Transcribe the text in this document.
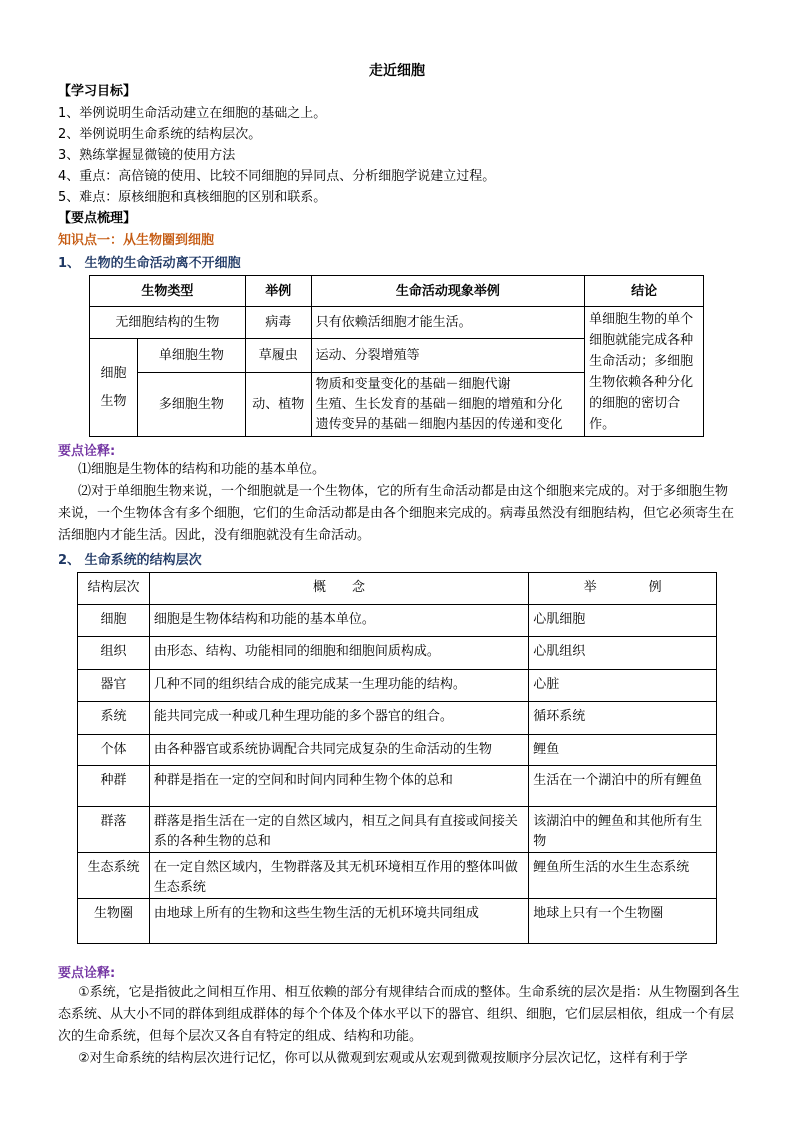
走近细胞
【学习目标】
1、举例说明生命活动建立在细胞的基础之上。
2、举例说明生命系统的结构层次。
3、熟练掌握显微镜的使用方法
4、重点：高倍镜的使用、比较不同细胞的异同点、分析细胞学说建立过程。
5、难点：原核细胞和真核细胞的区别和联系。
【要点梳理】
知识点一：从生物圈到细胞
1、 生物的生命活动离不开细胞
生物类型		举例	生命活动现象举例	结论
无细胞结构的生物		病毒	只有依赖活细胞才能生活。	单细胞生物的单个细胞就能完成各种生命活动；多细胞生物依赖各种分化的细胞的密切合作。
细胞生物	单细胞生物	草履虫	运动、分裂增殖等	
	多细胞生物	动、植物	物质和变量变化的基础－细胞代谢
生殖、生长发育的基础－细胞的增殖和分化
遗传变异的基础－细胞内基因的传递和变化	
要点诠释:
⑴细胞是生物体的结构和功能的基本单位。
⑵对于单细胞生物来说，一个细胞就是一个生物体，它的所有生命活动都是由这个细胞来完成的。对于多细胞生物来说，一个生物体含有多个细胞，它们的生命活动都是由各个细胞来完成的。病毒虽然没有细胞结构，但它必须寄生在活细胞内才能生活。因此，没有细胞就没有生命活动。
2、 生命系统的结构层次
结构层次	概　　念	举　　　　例
细胞	细胞是生物体结构和功能的基本单位。	心肌细胞
组织	由形态、结构、功能相同的细胞和细胞间质构成。	心肌组织
器官	几种不同的组织结合成的能完成某一生理功能的结构。	心脏
系统	能共同完成一种或几种生理功能的多个器官的组合。	循环系统
个体	由各种器官或系统协调配合共同完成复杂的生命活动的生物	鲤鱼
种群	种群是指在一定的空间和时间内同种生物个体的总和	生活在一个湖泊中的所有鲤鱼
群落	群落是指生活在一定的自然区域内，相互之间具有直接或间接关系的各种生物的总和	该湖泊中的鲤鱼和其他所有生物
生态系统	在一定自然区域内，生物群落及其无机环境相互作用的整体叫做生态系统	鲤鱼所生活的水生生态系统
生物圈	由地球上所有的生物和这些生物生活的无机环境共同组成	地球上只有一个生物圈
要点诠释:
①系统，它是指彼此之间相互作用、相互依赖的部分有规律结合而成的整体。生命系统的层次是指：从生物圈到各生态系统、从大小不同的群体到组成群体的每个个体及个体水平以下的器官、组织、细胞，它们层层相依，组成一个有层次的生命系统，但每个层次又各自有特定的组成、结构和功能。
②对生命系统的结构层次进行记忆，你可以从微观到宏观或从宏观到微观按顺序分层次记忆，这样有利于学
